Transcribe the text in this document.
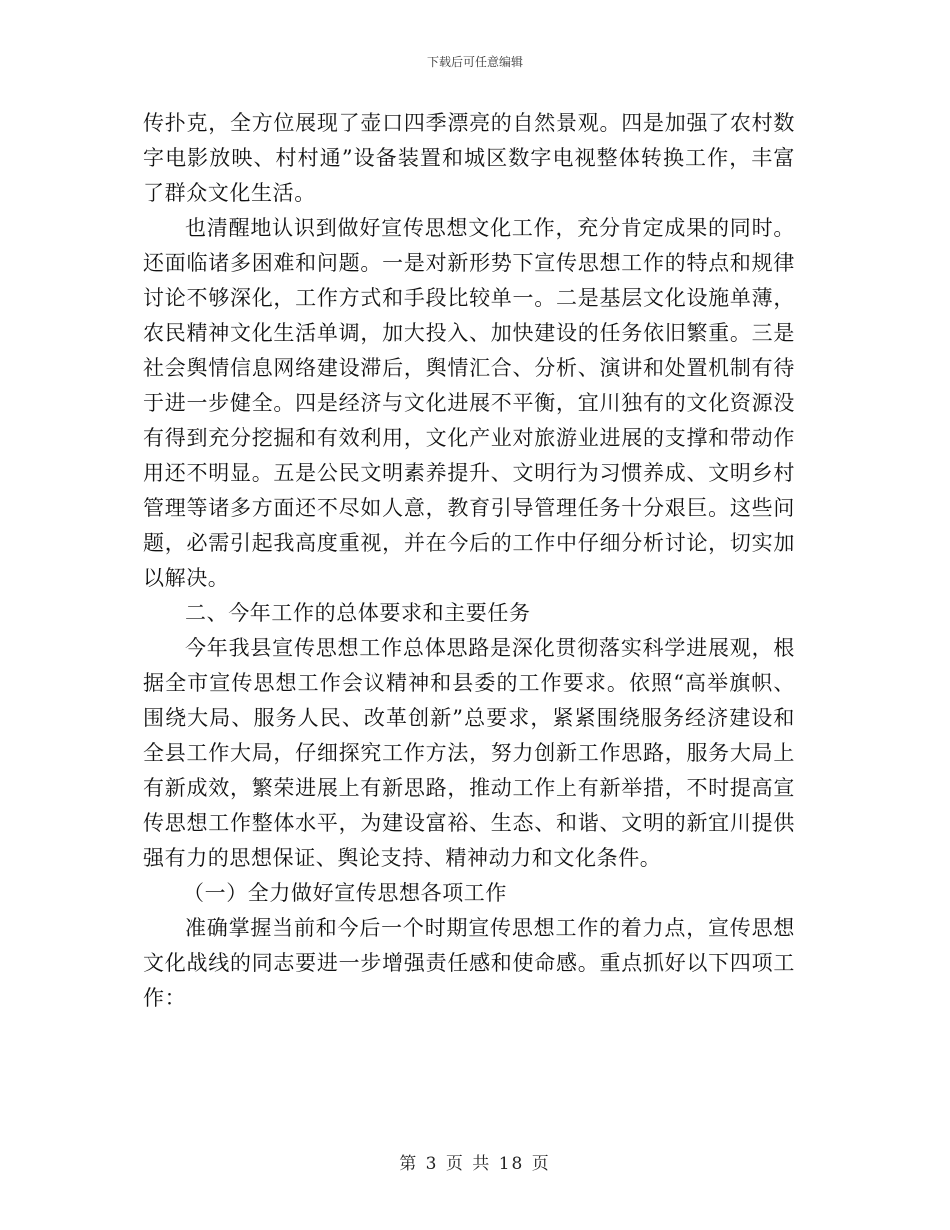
下载后可任意编辑

传扑克，全方位展现了壶口四季漂亮的自然景观。四是加强了农村数字电影放映、村村通”设备装置和城区数字电视整体转换工作，丰富了群众文化生活。

也清醒地认识到做好宣传思想文化工作，充分肯定成果的同时。还面临诸多困难和问题。一是对新形势下宣传思想工作的特点和规律讨论不够深化，工作方式和手段比较单一。二是基层文化设施单薄，农民精神文化生活单调，加大投入、加快建设的任务依旧繁重。三是社会舆情信息网络建设滞后，舆情汇合、分析、演讲和处置机制有待于进一步健全。四是经济与文化进展不平衡，宜川独有的文化资源没有得到充分挖掘和有效利用，文化产业对旅游业进展的支撑和带动作用还不明显。五是公民文明素养提升、文明行为习惯养成、文明乡村管理等诸多方面还不尽如人意，教育引导管理任务十分艰巨。这些问题，必需引起我高度重视，并在今后的工作中仔细分析讨论，切实加以解决。

二、今年工作的总体要求和主要任务

今年我县宣传思想工作总体思路是深化贯彻落实科学进展观，根据全市宣传思想工作会议精神和县委的工作要求。依照“高举旗帜、围绕大局、服务人民、改革创新”总要求，紧紧围绕服务经济建设和全县工作大局，仔细探究工作方法，努力创新工作思路，服务大局上有新成效，繁荣进展上有新思路，推动工作上有新举措，不时提高宣传思想工作整体水平，为建设富裕、生态、和谐、文明的新宜川提供强有力的思想保证、舆论支持、精神动力和文化条件。

（一）全力做好宣传思想各项工作

准确掌握当前和今后一个时期宣传思想工作的着力点，宣传思想文化战线的同志要进一步增强责任感和使命感。重点抓好以下四项工作：

第 3 页 共 18 页
